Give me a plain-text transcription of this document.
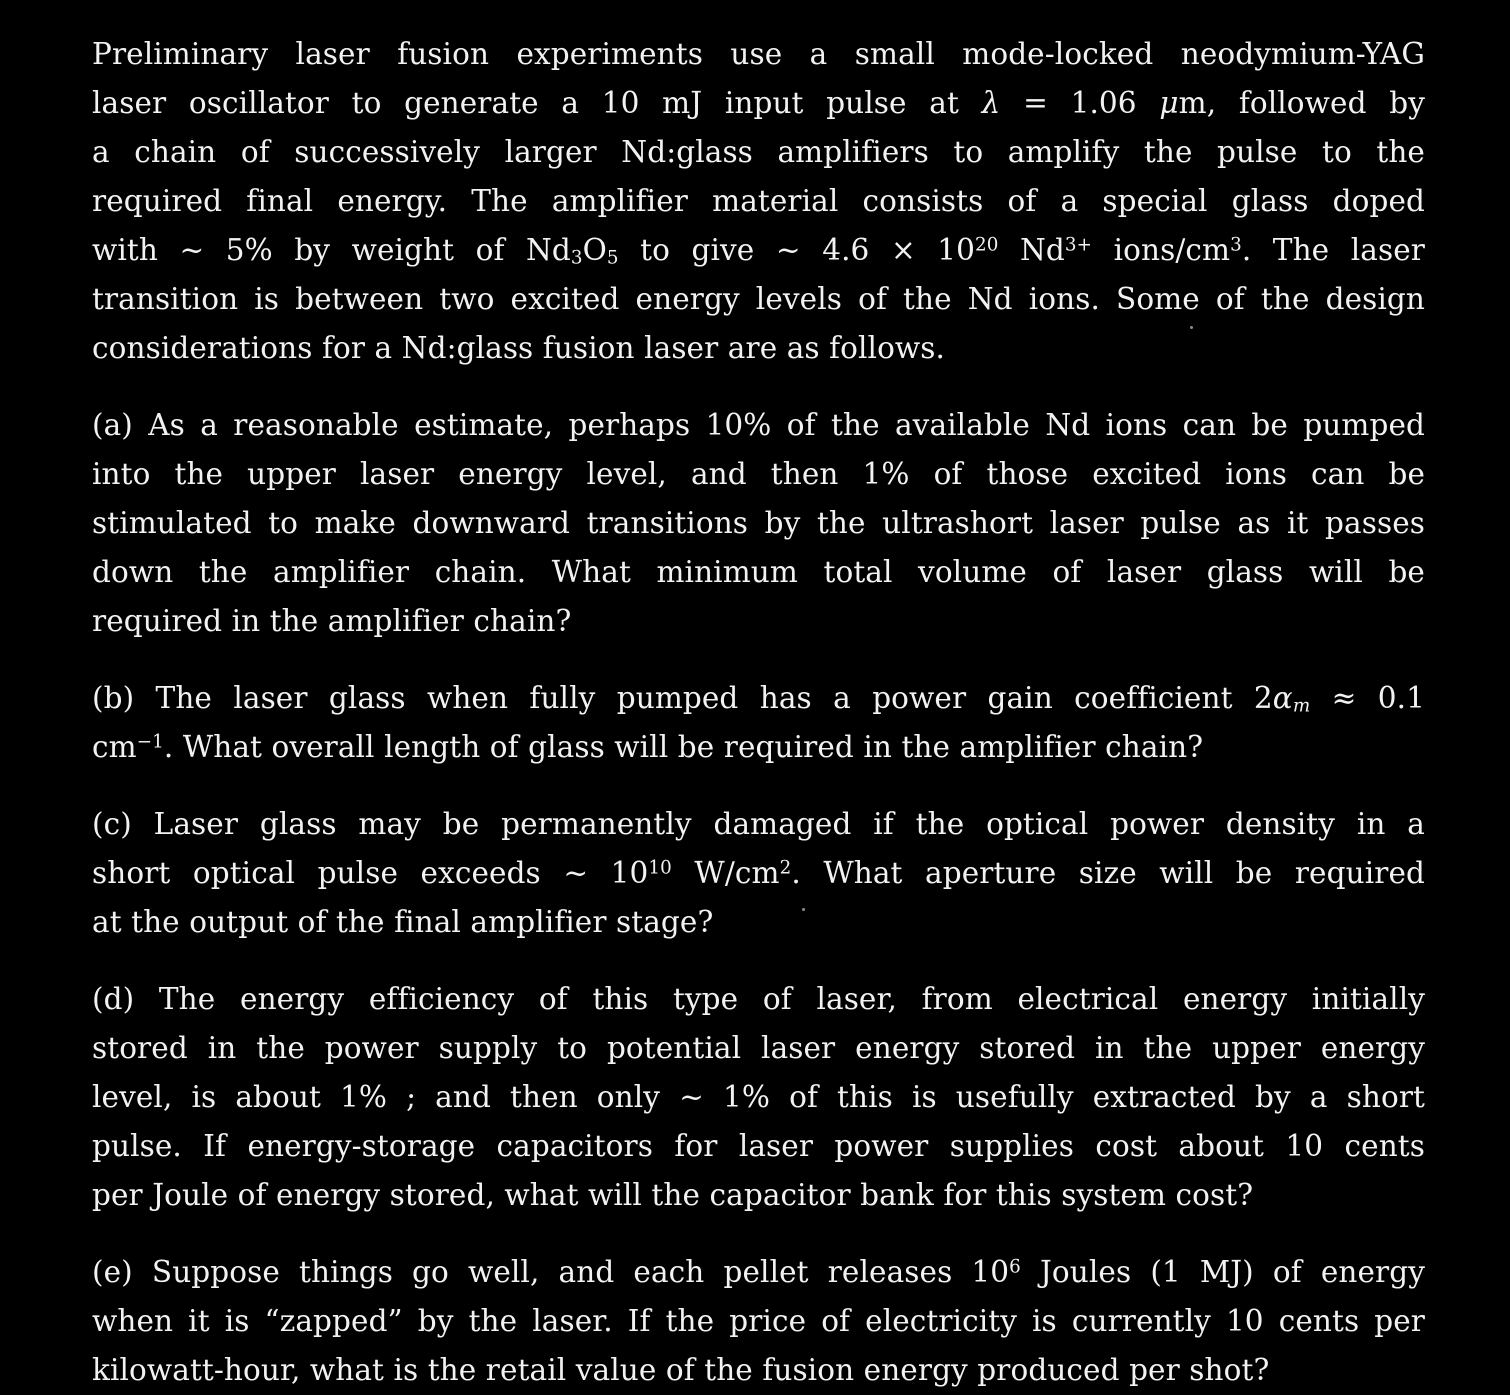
Preliminary laser fusion experiments use a small mode-locked neodymium-YAG
laser oscillator to generate a 10 mJ input pulse at λ = 1.06 μm, followed by
a chain of successively larger Nd:glass amplifiers to amplify the pulse to the
required final energy. The amplifier material consists of a special glass doped
with ∼ 5% by weight of $Nd_3O_5$ to give ∼ $4.6 \times 10^{20}$ $Nd^{3+}$ ions/$cm^3$. The laser
transition is between two excited energy levels of the Nd ions. Some of the design
considerations for a Nd:glass fusion laser are as follows.

(a) As a reasonable estimate, perhaps 10% of the available Nd ions can be pumped
into the upper laser energy level, and then 1% of those excited ions can be
stimulated to make downward transitions by the ultrashort laser pulse as it passes
down the amplifier chain. What minimum total volume of laser glass will be
required in the amplifier chain?

(b) The laser glass when fully pumped has a power gain coefficient $2\alpha_m \approx 0.1$
$cm^{-1}$. What overall length of glass will be required in the amplifier chain?

(c) Laser glass may be permanently damaged if the optical power density in a
short optical pulse exceeds ∼ $10^{10}$ $W/cm^2$. What aperture size will be required
at the output of the final amplifier stage?

(d) The energy efficiency of this type of laser, from electrical energy initially
stored in the power supply to potential laser energy stored in the upper energy
level, is about 1% ; and then only ∼ 1% of this is usefully extracted by a short
pulse. If energy-storage capacitors for laser power supplies cost about 10 cents
per Joule of energy stored, what will the capacitor bank for this system cost?

(e) Suppose things go well, and each pellet releases $10^6$ Joules (1 MJ) of energy
when it is “zapped” by the laser. If the price of electricity is currently 10 cents per
kilowatt-hour, what is the retail value of the fusion energy produced per shot?
